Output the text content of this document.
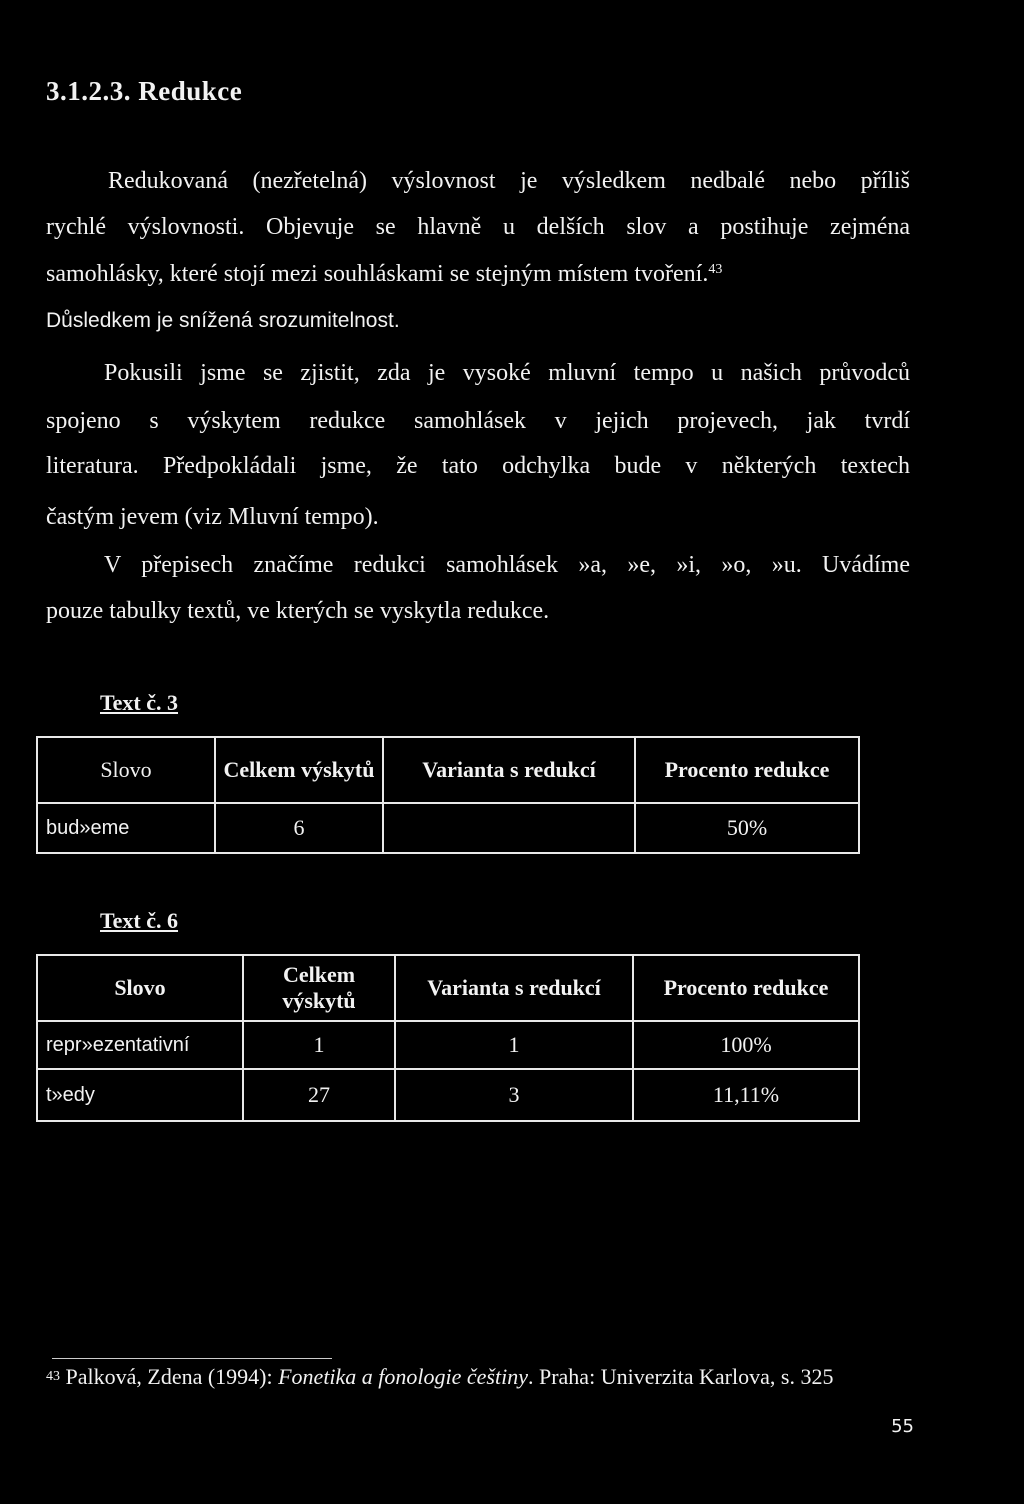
3.1.2.3. Redukce
Redukovaná (nezřetelná) výslovnost je výsledkem nedbalé nebo příliš
rychlé výslovnosti. Objevuje se hlavně u delších slov a postihuje zejména
samohlásky, které stojí mezi souhláskami se stejným místem tvoření.$^{43}$
Důsledkem je snížená srozumitelnost.
Pokusili jsme se zjistit, zda je vysoké mluvní tempo u našich průvodců
spojeno s výskytem redukce samohlásek v jejich projevech, jak tvrdí
literatura. Předpokládali jsme, že tato odchylka bude v některých textech
častým jevem (viz Mluvní tempo).
V přepisech značíme redukci samohlásek »a, »e, »i, »o, »u. Uvádíme
pouze tabulky textů, ve kterých se vyskytla redukce.
Text č. 3
Slovo	Celkem výskytů	Varianta s redukcí	Procento redukce
bud»eme	6		50%
Text č. 6
Slovo	Celkem výskytů	Varianta s redukcí	Procento redukce
repr»ezentativní	1	1	100%
t»edy	27	3	11,11%
$^{43}$ Palková, Zdena (1994): Fonetika a fonologie češtiny. Praha: Univerzita Karlova, s. 325
55
